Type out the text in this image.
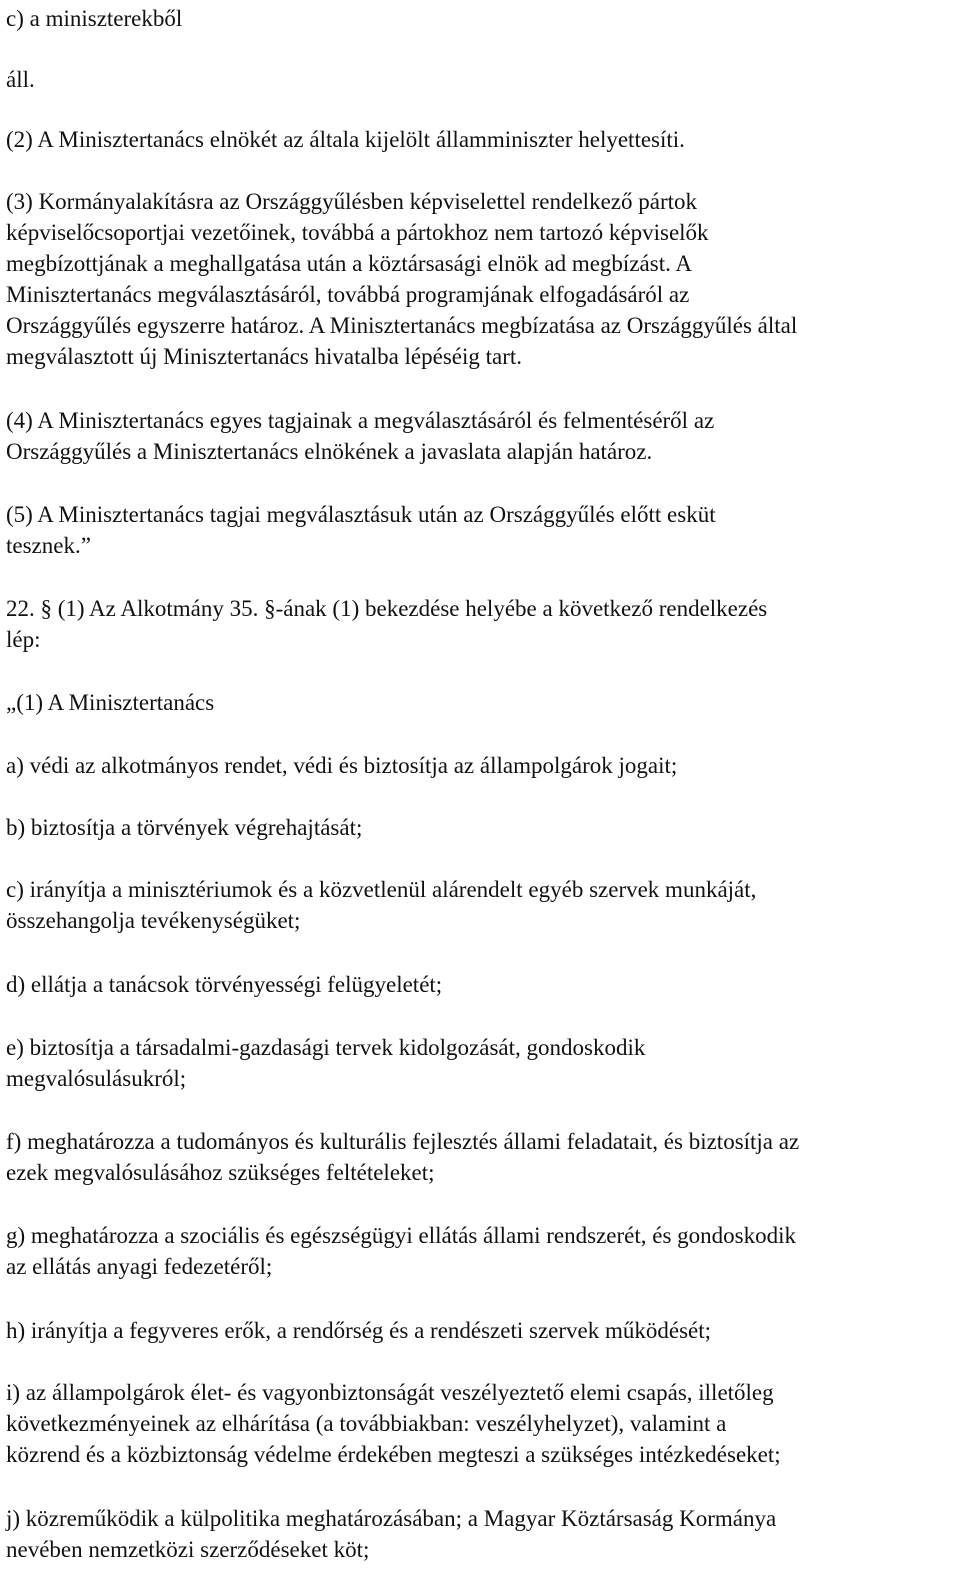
c) a miniszterekből

áll.

(2) A Minisztertanács elnökét az általa kijelölt államminiszter helyettesíti.

(3) Kormányalakításra az Országgyűlésben képviselettel rendelkező pártok
képviselőcsoportjai vezetőinek, továbbá a pártokhoz nem tartozó képviselők
megbízottjának a meghallgatása után a köztársasági elnök ad megbízást. A
Minisztertanács megválasztásáról, továbbá programjának elfogadásáról az
Országgyűlés egyszerre határoz. A Minisztertanács megbízatása az Országgyűlés által
megválasztott új Minisztertanács hivatalba lépéséig tart.

(4) A Minisztertanács egyes tagjainak a megválasztásáról és felmentéséről az
Országgyűlés a Minisztertanács elnökének a javaslata alapján határoz.

(5) A Minisztertanács tagjai megválasztásuk után az Országgyűlés előtt esküt
tesznek.”

22. § (1) Az Alkotmány 35. §-ának (1) bekezdése helyébe a következő rendelkezés
lép:

„(1) A Minisztertanács

a) védi az alkotmányos rendet, védi és biztosítja az állampolgárok jogait;

b) biztosítja a törvények végrehajtását;

c) irányítja a minisztériumok és a közvetlenül alárendelt egyéb szervek munkáját,
összehangolja tevékenységüket;

d) ellátja a tanácsok törvényességi felügyeletét;

e) biztosítja a társadalmi-gazdasági tervek kidolgozását, gondoskodik
megvalósulásukról;

f) meghatározza a tudományos és kulturális fejlesztés állami feladatait, és biztosítja az
ezek megvalósulásához szükséges feltételeket;

g) meghatározza a szociális és egészségügyi ellátás állami rendszerét, és gondoskodik
az ellátás anyagi fedezetéről;

h) irányítja a fegyveres erők, a rendőrség és a rendészeti szervek működését;

i) az állampolgárok élet- és vagyonbiztonságát veszélyeztető elemi csapás, illetőleg
következményeinek az elhárítása (a továbbiakban: veszélyhelyzet), valamint a
közrend és a közbiztonság védelme érdekében megteszi a szükséges intézkedéseket;

j) közreműködik a külpolitika meghatározásában; a Magyar Köztársaság Kormánya
nevében nemzetközi szerződéseket köt;
